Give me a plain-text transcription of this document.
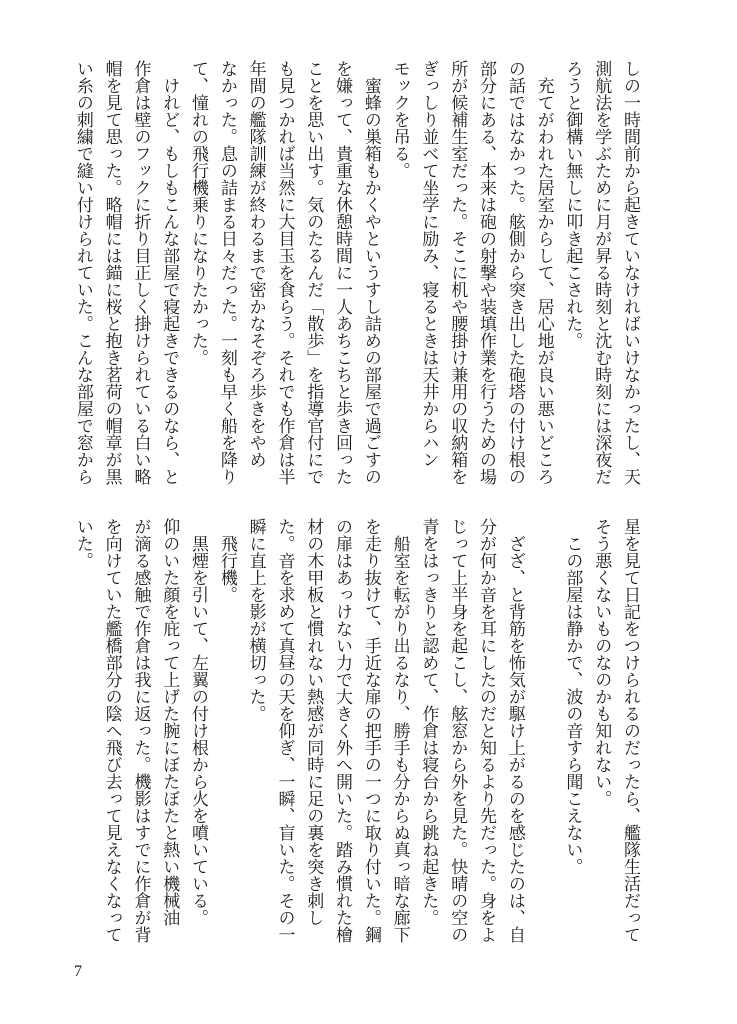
しの一時間前から起きていなければいけなかったし、天
測航法を学ぶために月が昇る時刻と沈む時刻には深夜だ
ろうと御構い無しに叩き起こされた。
　充てがわれた居室からして、居心地が良い悪いどころ
の話ではなかった。舷側から突き出した砲塔の付け根の
部分にある、本来は砲の射撃や装填作業を行うための場
所が候補生室だった。そこに机や腰掛け兼用の収納箱を
ぎっしり並べて坐学に励み、寝るときは天井からハン
モックを吊る。
　蜜蜂の巣箱もかくやというすし詰めの部屋で過ごすの
を嫌って、貴重な休憩時間に一人あちこちと歩き回った
ことを思い出す。気のたるんだ「散歩」を指導官付にで
も見つかれば当然に大目玉を食らう。それでも作倉は半
年間の艦隊訓練が終わるまで密かなそぞろ歩きをやめ
なかった。息の詰まる日々だった。一刻も早く船を降り
て、憧れの飛行機乗りになりたかった。
　けれど、もしもこんな部屋で寝起きできるのなら、と
作倉は壁のフックに折り目正しく掛けられている白い略
帽を見て思った。略帽には錨に桜と抱き茗荷の帽章が黒
い糸の刺繍で縫い付けられていた。こんな部屋で窓から
星を見て日記をつけられるのだったら、艦隊生活だって
そう悪くないものなのかも知れない。
　この部屋は静かで、波の音すら聞こえない。

　ざざ、と背筋を怖気が駆け上がるのを感じたのは、自
分が何か音を耳にしたのだと知るより先だった。身をよ
じって上半身を起こし、舷窓から外を見た。快晴の空の
青をはっきりと認めて、作倉は寝台から跳ね起きた。
　船室を転がり出るなり、勝手も分からぬ真っ暗な廊下
を走り抜けて、手近な扉の把手の一つに取り付いた。鋼
の扉はあっけない力で大きく外へ開いた。踏み慣れた檜
材の木甲板と慣れない熱感が同時に足の裏を突き刺し
た。音を求めて真昼の天を仰ぎ、一瞬、盲いた。その一
瞬に直上を影が横切った。
　飛行機。
　黒煙を引いて、左翼の付け根から火を噴いている。
仰のいた顔を庇って上げた腕にぼたぼたと熱い機械油
が滴る感触で作倉は我に返った。機影はすでに作倉が背
を向けていた艦橋部分の陰へ飛び去って見えなくなって
いた。
7
